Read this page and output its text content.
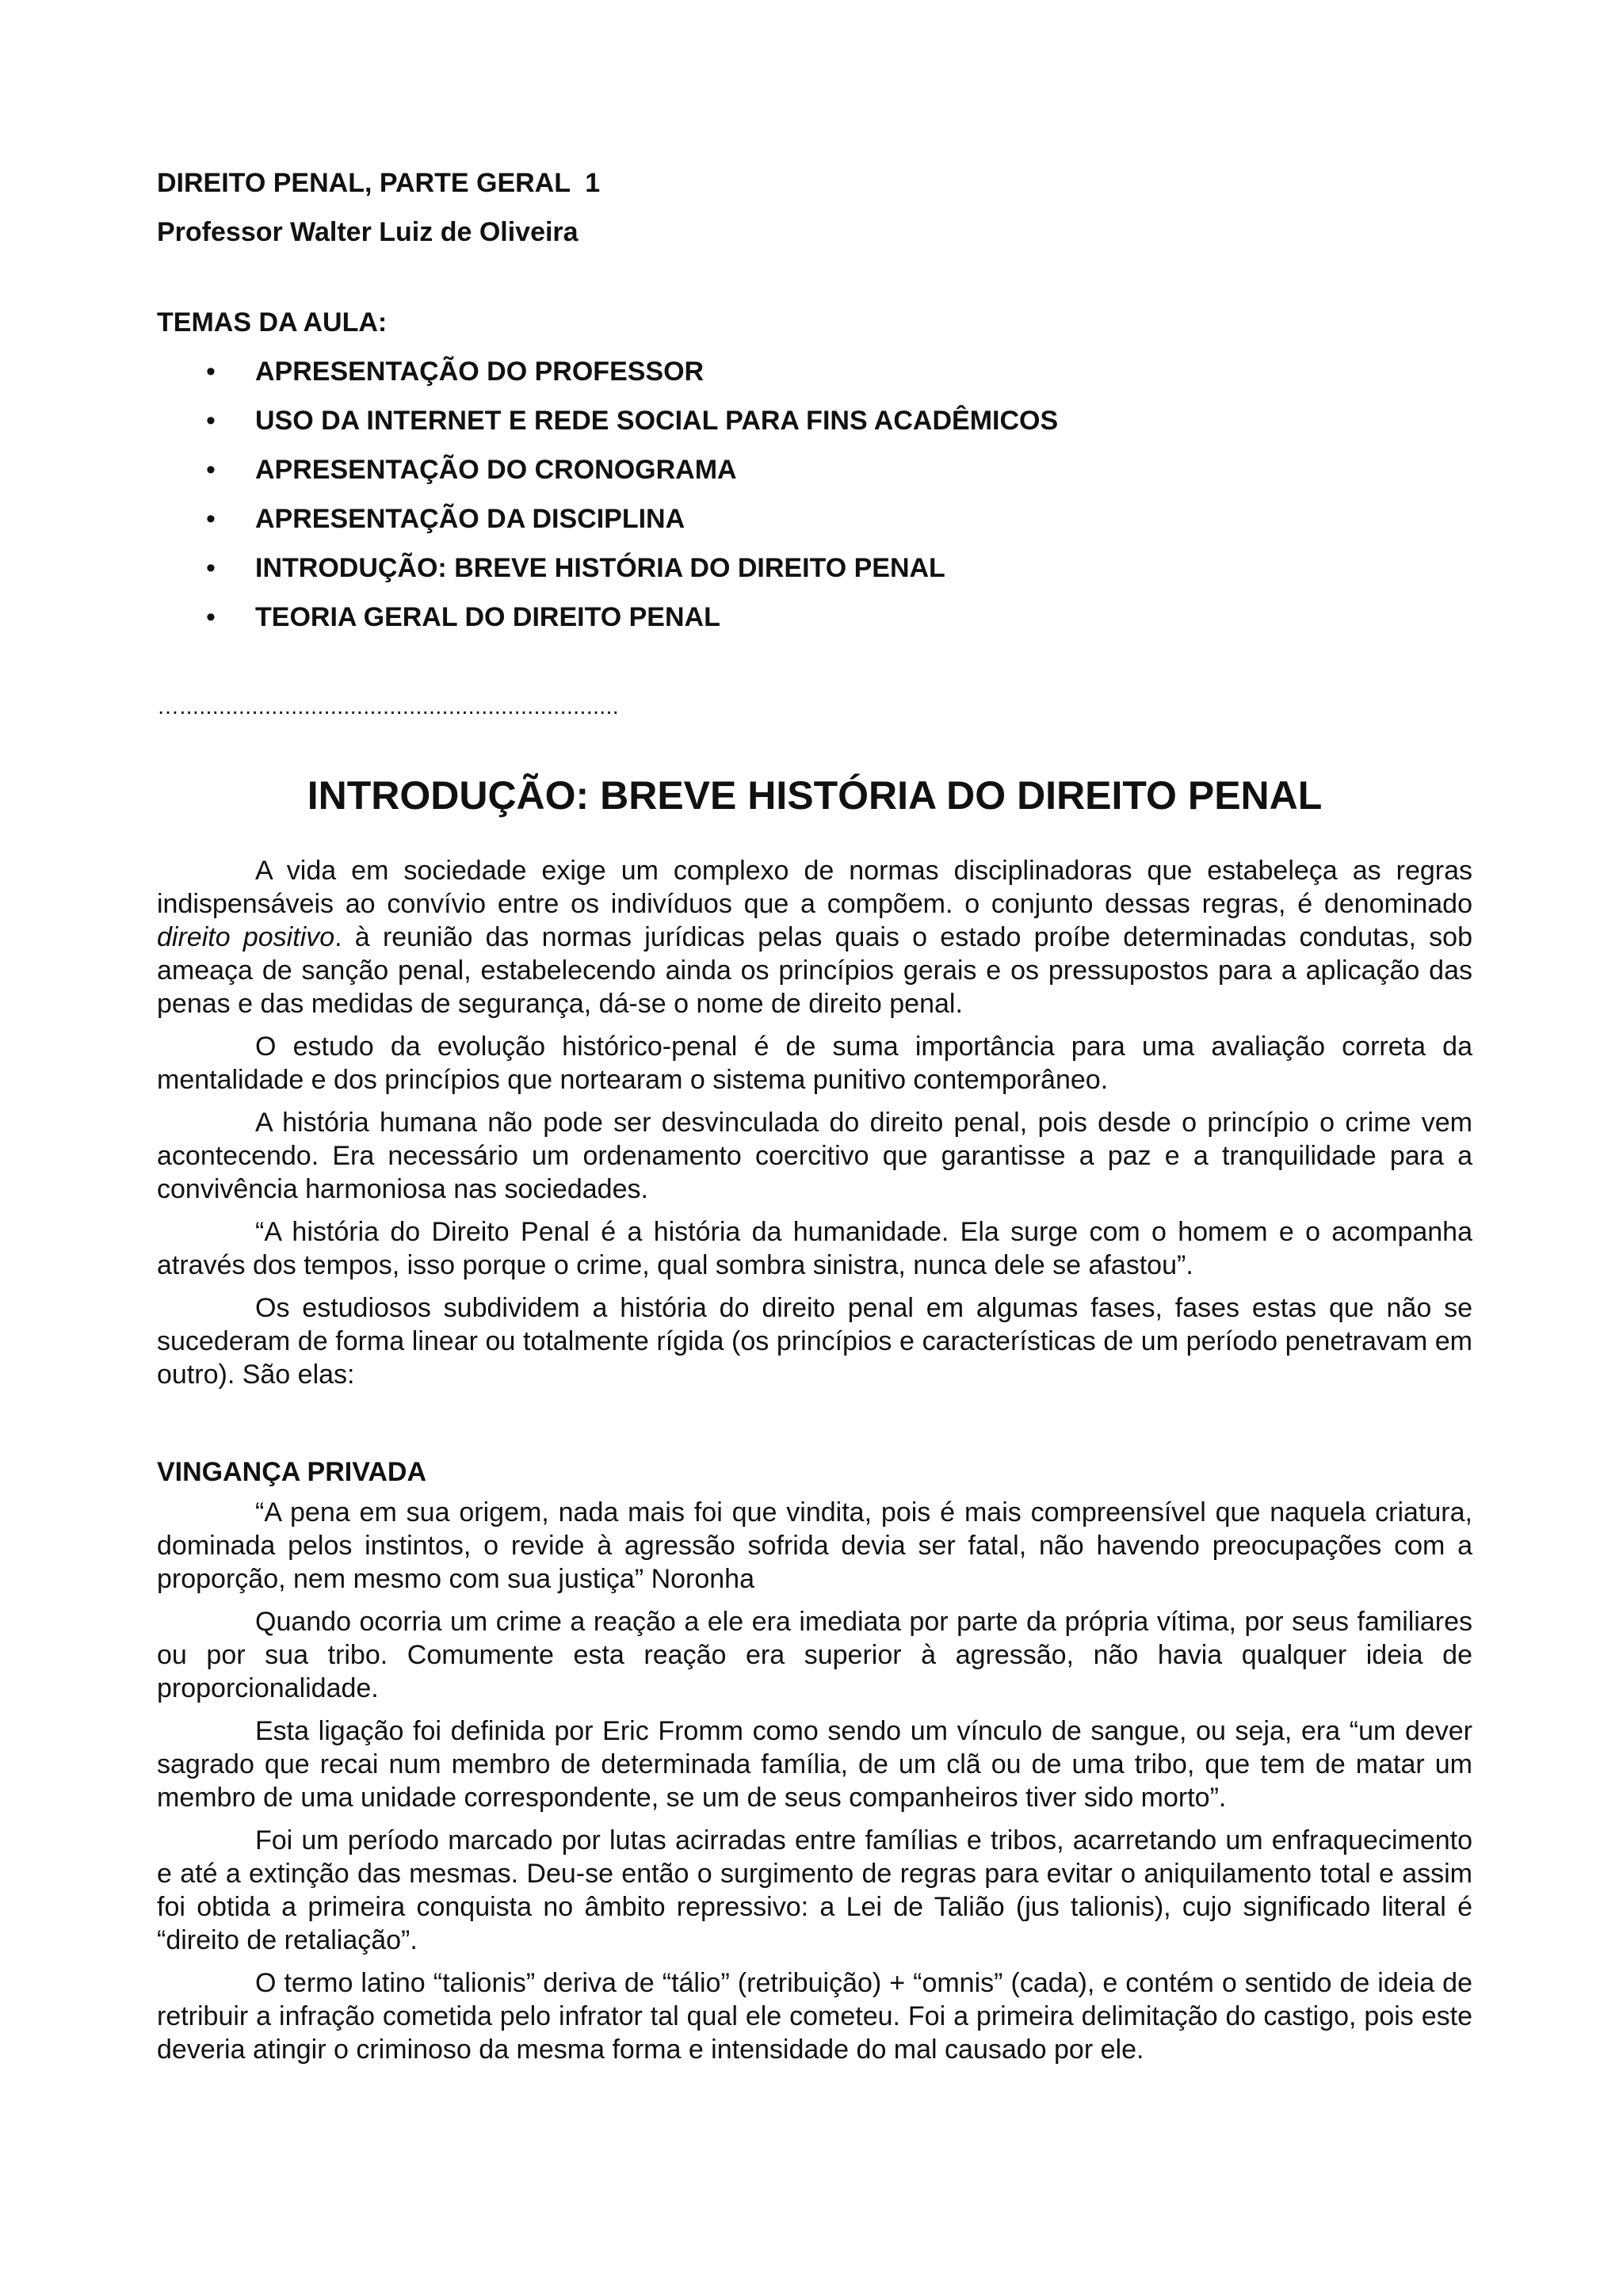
DIREITO PENAL, PARTE GERAL  1
Professor Walter Luiz de Oliveira
TEMAS DA AULA:
• APRESENTAÇÃO DO PROFESSOR
• USO DA INTERNET E REDE SOCIAL PARA FINS ACADÊMICOS
• APRESENTAÇÃO DO CRONOGRAMA
• APRESENTAÇÃO DA DISCIPLINA
• INTRODUÇÃO: BREVE HISTÓRIA DO DIREITO PENAL
• TEORIA GERAL DO DIREITO PENAL
…...................................................................
INTRODUÇÃO: BREVE HISTÓRIA DO DIREITO PENAL

A vida em sociedade exige um complexo de normas disciplinadoras que estabeleça as regras indispensáveis ao convívio entre os indivíduos que a compõem. o conjunto dessas regras, é denominado direito positivo. à reunião das normas jurídicas pelas quais o estado proíbe determinadas condutas, sob ameaça de sanção penal, estabelecendo ainda os princípios gerais e os pressupostos para a aplicação das penas e das medidas de segurança, dá-se o nome de direito penal.

O estudo da evolução histórico-penal é de suma importância para uma avaliação correta da mentalidade e dos princípios que nortearam o sistema punitivo contemporâneo.

A história humana não pode ser desvinculada do direito penal, pois desde o princípio o crime vem acontecendo. Era necessário um ordenamento coercitivo que garantisse a paz e a tranquilidade para a convivência harmoniosa nas sociedades.

“A história do Direito Penal é a história da humanidade. Ela surge com o homem e o acompanha através dos tempos, isso porque o crime, qual sombra sinistra, nunca dele se afastou”.

Os estudiosos subdividem a história do direito penal em algumas fases, fases estas que não se sucederam de forma linear ou totalmente rígida (os princípios e características de um período penetravam em outro). São elas:

VINGANÇA PRIVADA

“A pena em sua origem, nada mais foi que vindita, pois é mais compreensível que naquela criatura, dominada pelos instintos, o revide à agressão sofrida devia ser fatal, não havendo preocupações com a proporção, nem mesmo com sua justiça” Noronha

Quando ocorria um crime a reação a ele era imediata por parte da própria vítima, por seus familiares ou por sua tribo. Comumente esta reação era superior à agressão, não havia qualquer ideia de proporcionalidade.

Esta ligação foi definida por Eric Fromm como sendo um vínculo de sangue, ou seja, era “um dever sagrado que recai num membro de determinada família, de um clã ou de uma tribo, que tem de matar um membro de uma unidade correspondente, se um de seus companheiros tiver sido morto”.

Foi um período marcado por lutas acirradas entre famílias e tribos, acarretando um enfraquecimento e até a extinção das mesmas. Deu-se então o surgimento de regras para evitar o aniquilamento total e assim foi obtida a primeira conquista no âmbito repressivo: a Lei de Talião (jus talionis), cujo significado literal é “direito de retaliação”.

O termo latino “talionis” deriva de “tálio” (retribuição) + “omnis” (cada), e contém o sentido de ideia de retribuir a infração cometida pelo infrator tal qual ele cometeu. Foi a primeira delimitação do castigo, pois este deveria atingir o criminoso da mesma forma e intensidade do mal causado por ele.
